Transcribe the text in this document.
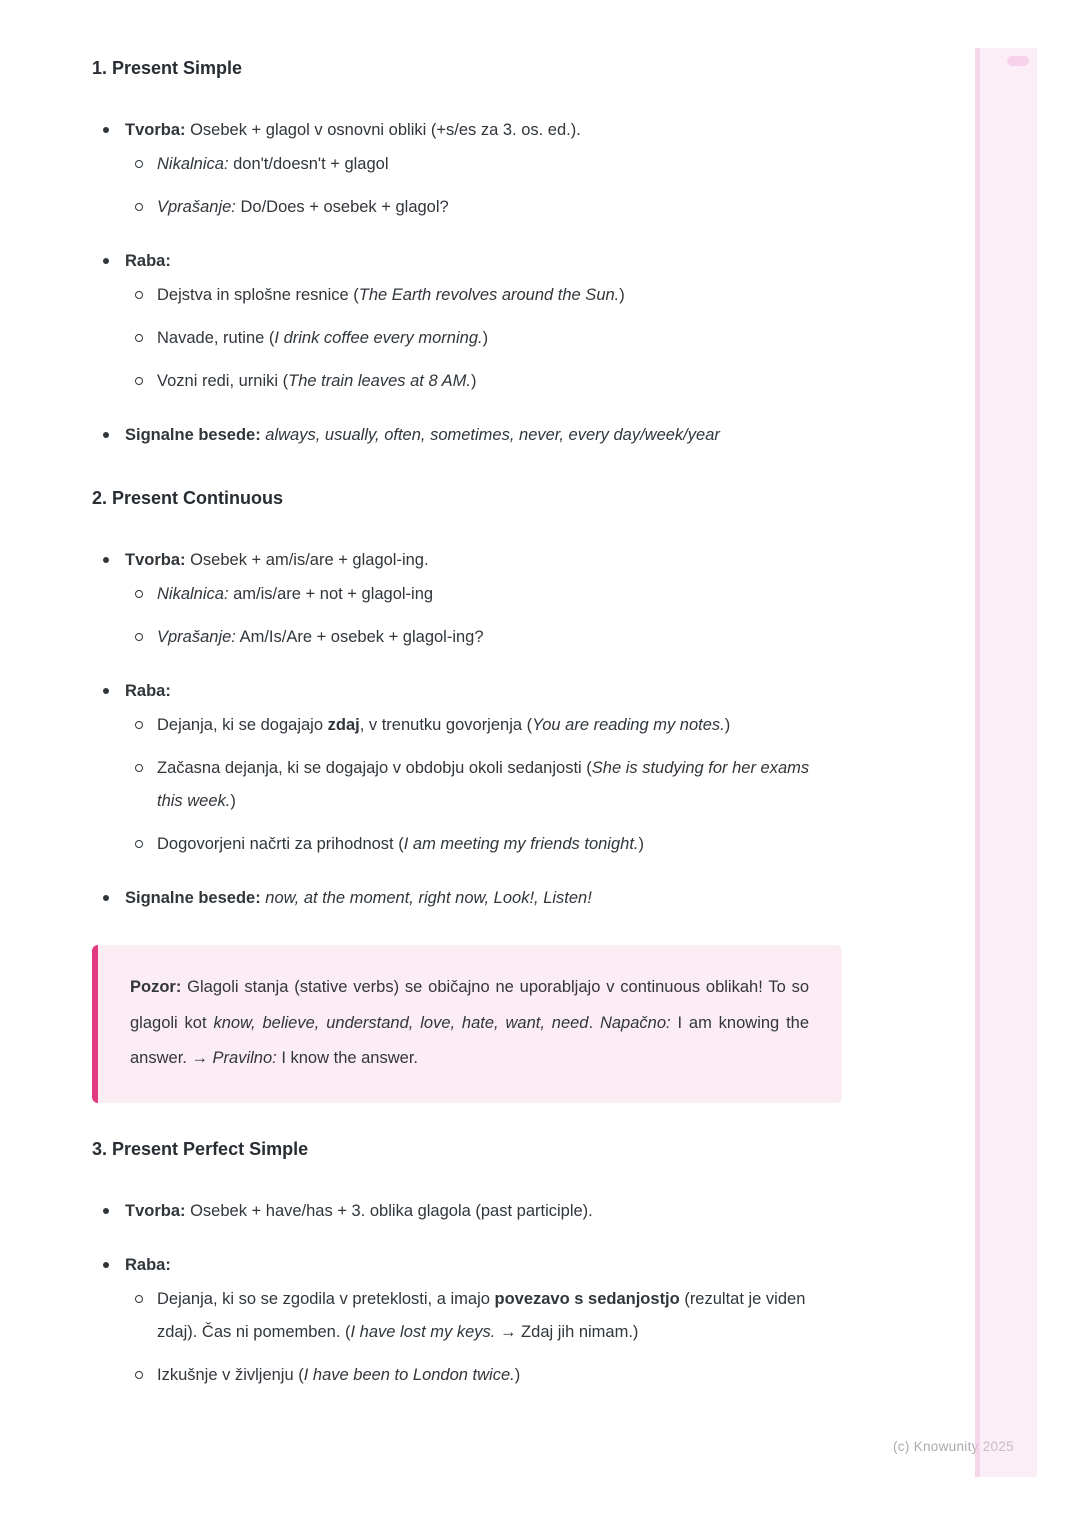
1. Present Simple
Tvorba: Osebek + glagol v osnovni obliki (+s/es za 3. os. ed.).
Nikalnica: don't/doesn't + glagol
Vprašanje: Do/Does + osebek + glagol?
Raba:
Dejstva in splošne resnice (The Earth revolves around the Sun.)
Navade, rutine (I drink coffee every morning.)
Vozni redi, urniki (The train leaves at 8 AM.)
Signalne besede: always, usually, often, sometimes, never, every day/week/year
2. Present Continuous
Tvorba: Osebek + am/is/are + glagol-ing.
Nikalnica: am/is/are + not + glagol-ing
Vprašanje: Am/Is/Are + osebek + glagol-ing?
Raba:
Dejanja, ki se dogajajo zdaj, v trenutku govorjenja (You are reading my notes.)
Začasna dejanja, ki se dogajajo v obdobju okoli sedanjosti (She is studying for her exams this week.)
Dogovorjeni načrti za prihodnost (I am meeting my friends tonight.)
Signalne besede: now, at the moment, right now, Look!, Listen!
Pozor: Glagoli stanja (stative verbs) se običajno ne uporabljajo v continuous oblikah! To so glagoli kot know, believe, understand, love, hate, want, need. Napačno: I am knowing the answer. → Pravilno: I know the answer.
3. Present Perfect Simple
Tvorba: Osebek + have/has + 3. oblika glagola (past participle).
Raba:
Dejanja, ki so se zgodila v preteklosti, a imajo povezavo s sedanjostjo (rezultat je viden zdaj). Čas ni pomemben. (I have lost my keys. → Zdaj jih nimam.)
Izkušnje v življenju (I have been to London twice.)
(c) Knowunity 2025
